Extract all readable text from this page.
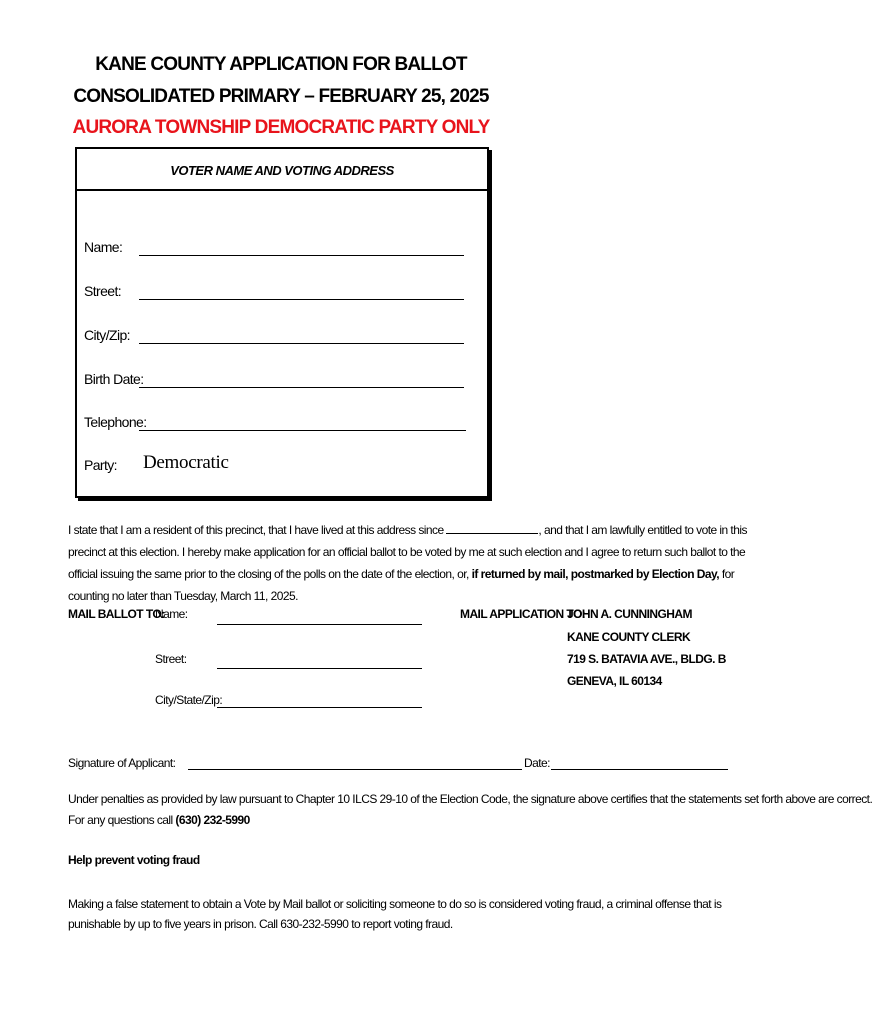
KANE COUNTY APPLICATION FOR BALLOT
CONSOLIDATED PRIMARY – FEBRUARY 25, 2025
AURORA TOWNSHIP DEMOCRATIC PARTY ONLY
VOTER NAME AND VOTING ADDRESS
Name:
Street:
City/Zip:
Birth Date:
Telephone:
Party: Democratic
I state that I am a resident of this precinct, that I have lived at this address since	, and that I am lawfully entitled to vote in this precinct at this election. I hereby make application for an official ballot to be voted by me at such election and I agree to return such ballot to the official issuing the same prior to the closing of the polls on the date of the election, or, if returned by mail, postmarked by Election Day, for counting no later than Tuesday, March 11, 2025.
MAIL BALLOT TO:
Name:
Street:
City/State/Zip:
MAIL APPLICATION TO:
JOHN A. CUNNINGHAM
KANE COUNTY CLERK
719 S. BATAVIA AVE., BLDG. B
GENEVA, IL 60134
Signature of Applicant:	Date:
Under penalties as provided by law pursuant to Chapter 10 ILCS 29-10 of the Election Code, the signature above certifies that the statements set forth above are correct.
For any questions call (630) 232-5990
Help prevent voting fraud
Making a false statement to obtain a Vote by Mail ballot or soliciting someone to do so is considered voting fraud, a criminal offense that is punishable by up to five years in prison. Call 630-232-5990 to report voting fraud.
